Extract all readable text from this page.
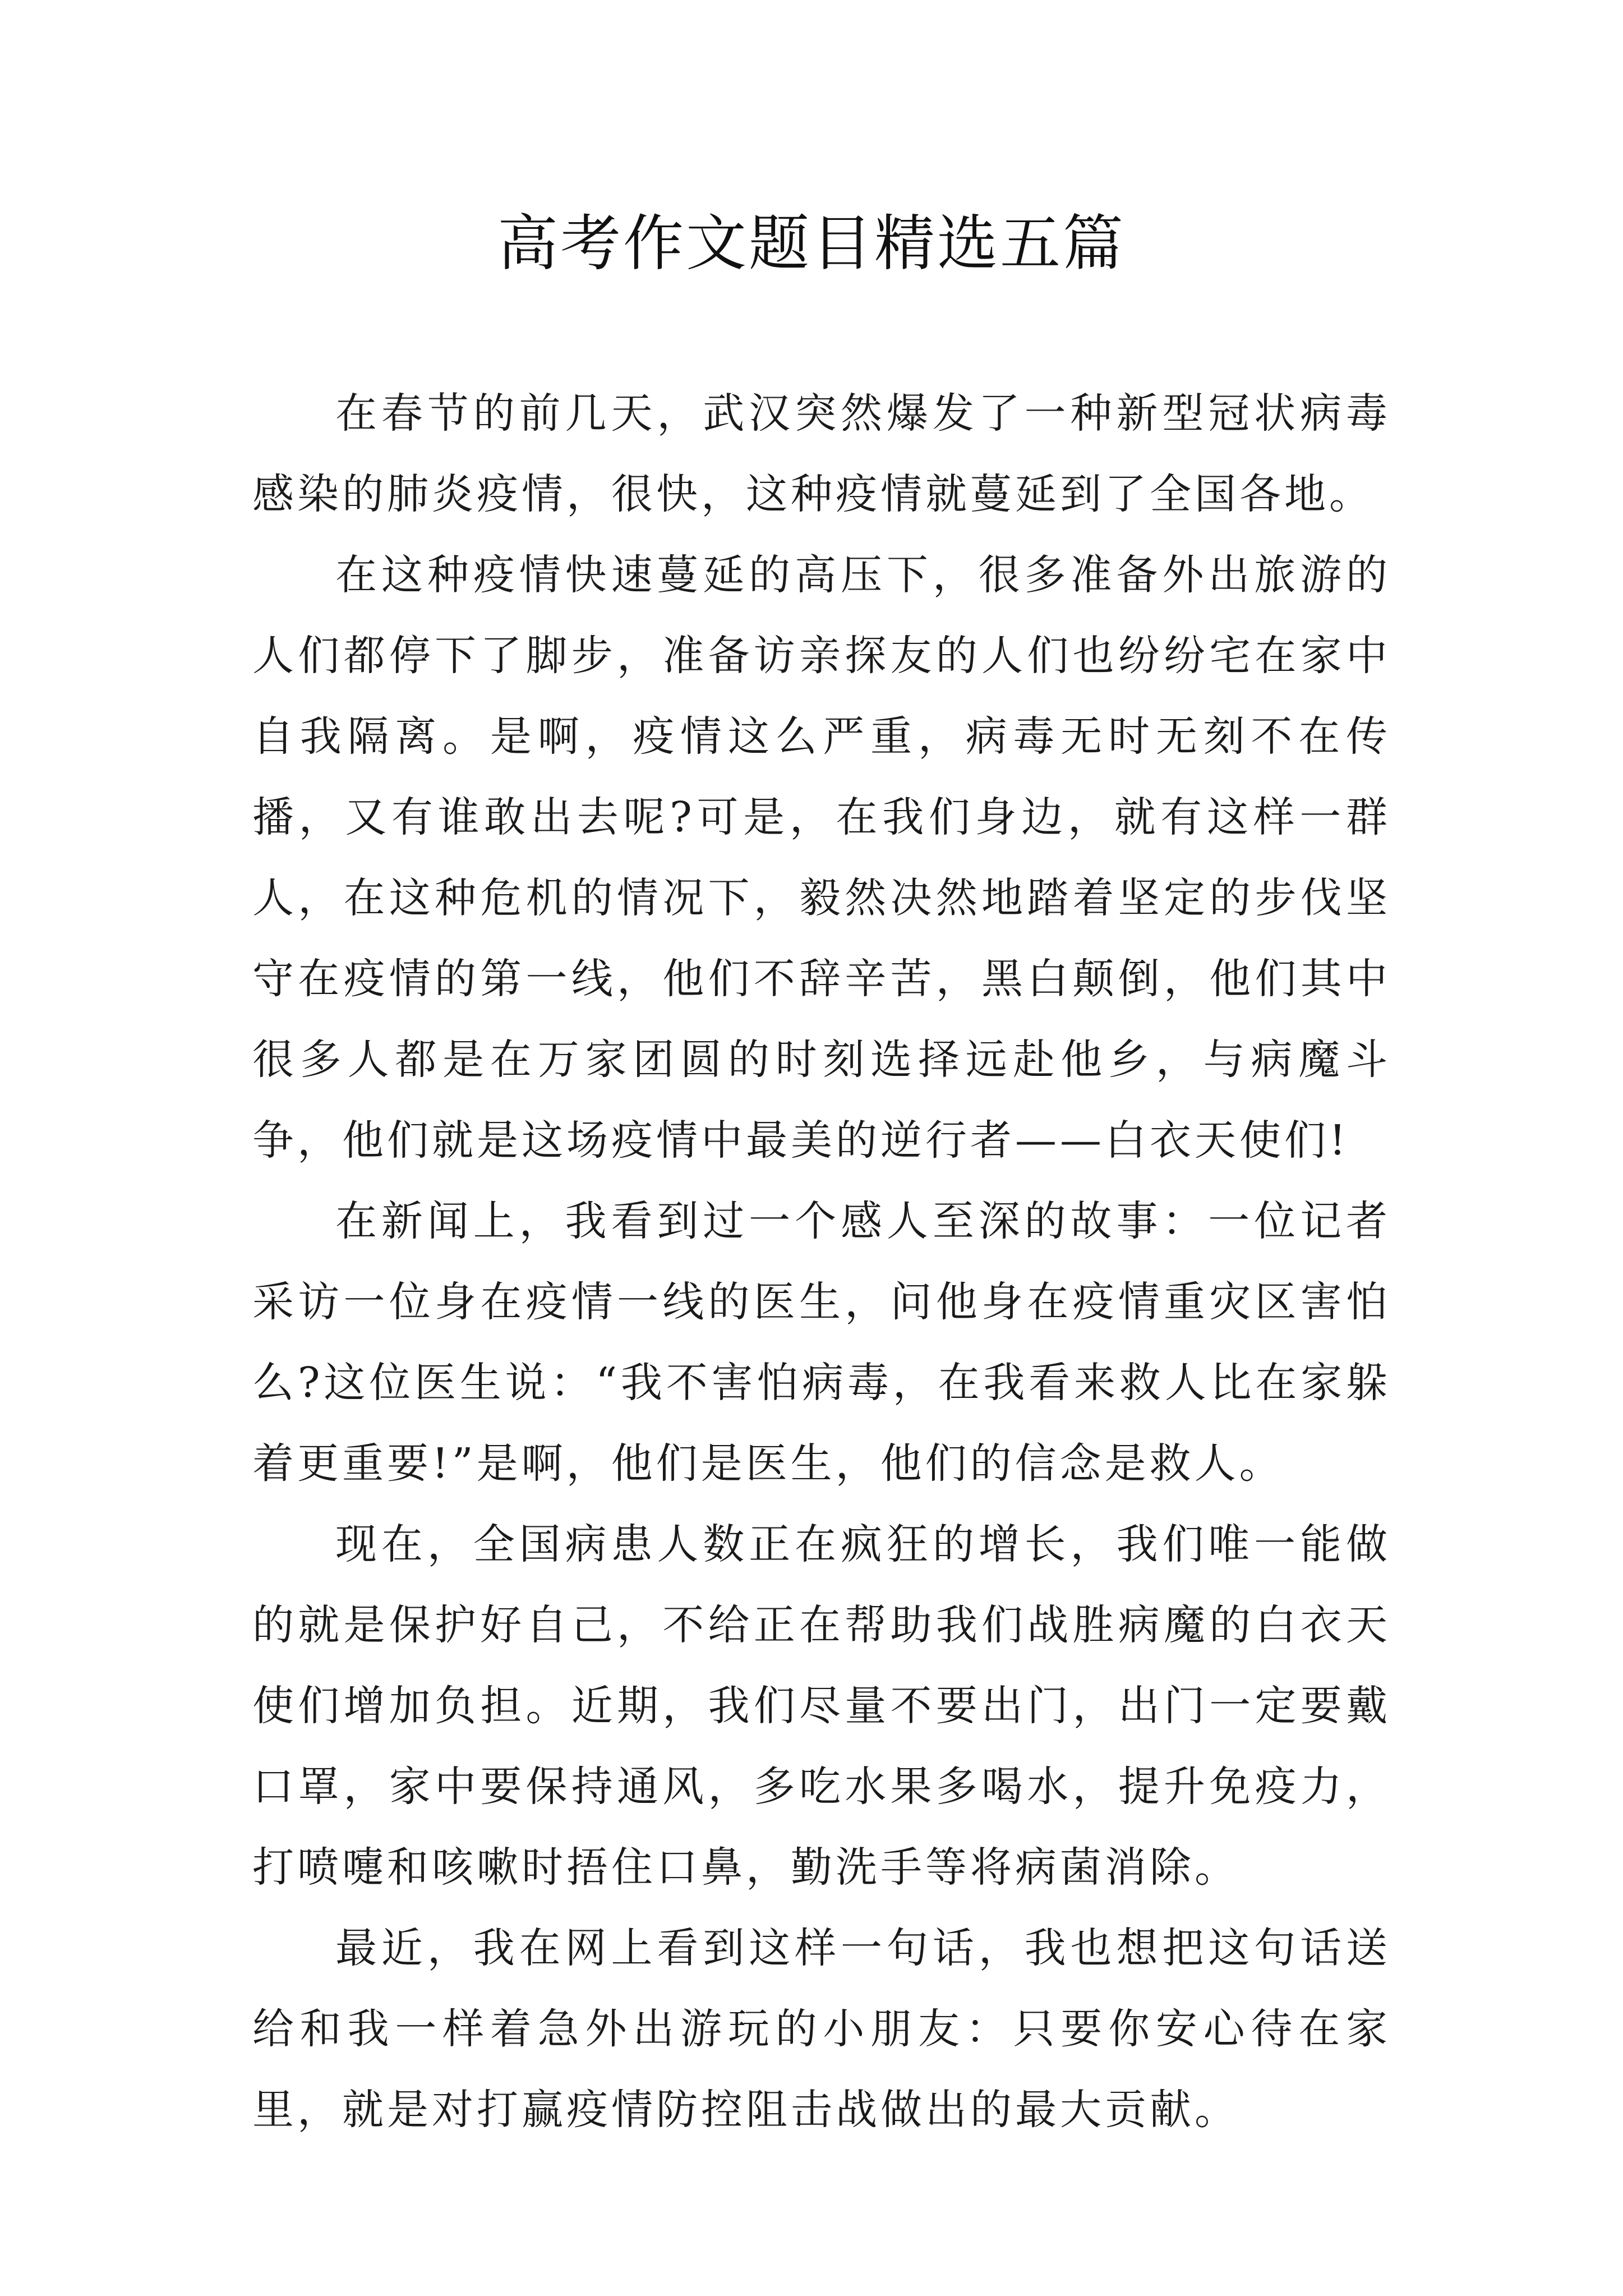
高考作文题目精选五篇

在春节的前几天，武汉突然爆发了一种新型冠状病毒感染的肺炎疫情，很快，这种疫情就蔓延到了全国各地。

在这种疫情快速蔓延的高压下，很多准备外出旅游的人们都停下了脚步，准备访亲探友的人们也纷纷宅在家中自我隔离。是啊，疫情这么严重，病毒无时无刻不在传播，又有谁敢出去呢?可是，在我们身边，就有这样一群人，在这种危机的情况下，毅然决然地踏着坚定的步伐坚守在疫情的第一线，他们不辞辛苦，黑白颠倒，他们其中很多人都是在万家团圆的时刻选择远赴他乡，与病魔斗争，他们就是这场疫情中最美的逆行者——白衣天使们!

在新闻上，我看到过一个感人至深的故事：一位记者采访一位身在疫情一线的医生，问他身在疫情重灾区害怕么?这位医生说：“我不害怕病毒，在我看来救人比在家躲着更重要!”是啊，他们是医生，他们的信念是救人。

现在，全国病患人数正在疯狂的增长，我们唯一能做的就是保护好自己，不给正在帮助我们战胜病魔的白衣天使们增加负担。近期，我们尽量不要出门，出门一定要戴口罩，家中要保持通风，多吃水果多喝水，提升免疫力，打喷嚏和咳嗽时捂住口鼻，勤洗手等将病菌消除。

最近，我在网上看到这样一句话，我也想把这句话送给和我一样着急外出游玩的小朋友：只要你安心待在家里，就是对打赢疫情防控阻击战做出的最大贡献。
